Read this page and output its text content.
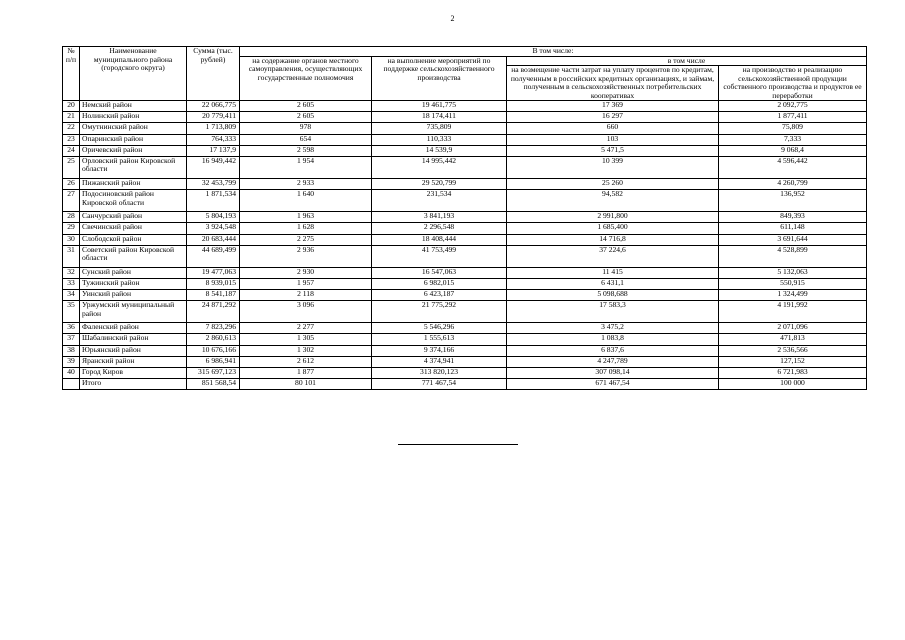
2
№ п/п	Наименование муниципального района (городского округа)	Сумма (тыс. рублей)	В том числе:			
			на содержание органов местного самоуправления, осуществляющих государственные полномочия	на выполнение мероприятий по поддержке сельскохозяйственного производства	в том числе	
					на возмещение части затрат на уплату процентов по кредитам, полученным в российских кредитных организациях, и займам, полученным в сельскохозяйственных потребительских кооперативах	на производство и реализацию сельскохозяйственной продукции собственного производства и продуктов ее переработки
20	Немский район	22 066,775	2 605	19 461,775	17 369	2 092,775
21	Нолинский район	20 779,411	2 605	18 174,411	16 297	1 877,411
22	Омутнинский район	1 713,809	978	735,809	660	75,809
23	Опаринский район	764,333	654	110,333	103	7,333
24	Оричевский район	17 137,9	2 598	14 539,9	5 471,5	9 068,4
25	Орловский район Кировской области	16 949,442	1 954	14 995,442	10 399	4 596,442
26	Пижанский район	32 453,799	2 933	29 520,799	25 260	4 260,799
27	Подосиновский район Кировской области	1 871,534	1 640	231,534	94,582	136,952
28	Санчурский район	5 804,193	1 963	3 841,193	2 991,800	849,393
29	Свечинский район	3 924,548	1 628	2 296,548	1 685,400	611,148
30	Слободской район	20 683,444	2 275	18 408,444	14 716,8	3 691,644
31	Советский район Кировской области	44 689,499	2 936	41 753,499	37 224,6	4 528,899
32	Сунский район	19 477,063	2 930	16 547,063	11 415	5 132,063
33	Тужинский район	8 939,015	1 957	6 982,015	6 431,1	550,915
34	Уинский район	8 541,187	2 118	6 423,187	5 098,688	1 324,499
35	Уржумский муниципальный район	24 871,292	3 096	21 775,292	17 583,3	4 191,992
36	Фаленский район	7 823,296	2 277	5 546,296	3 475,2	2 071,096
37	Шабалинский район	2 860,613	1 305	1 555,613	1 083,8	471,813
38	Юрьянский район	10 676,166	1 302	9 374,166	6 837,6	2 536,566
39	Яранский район	6 986,941	2 612	4 374,941	4 247,789	127,152
40	Город Киров	315 697,123	1 877	313 820,123	307 098,14	6 721,983
	Итого	851 568,54	80 101	771 467,54	671 467,54	100 000
